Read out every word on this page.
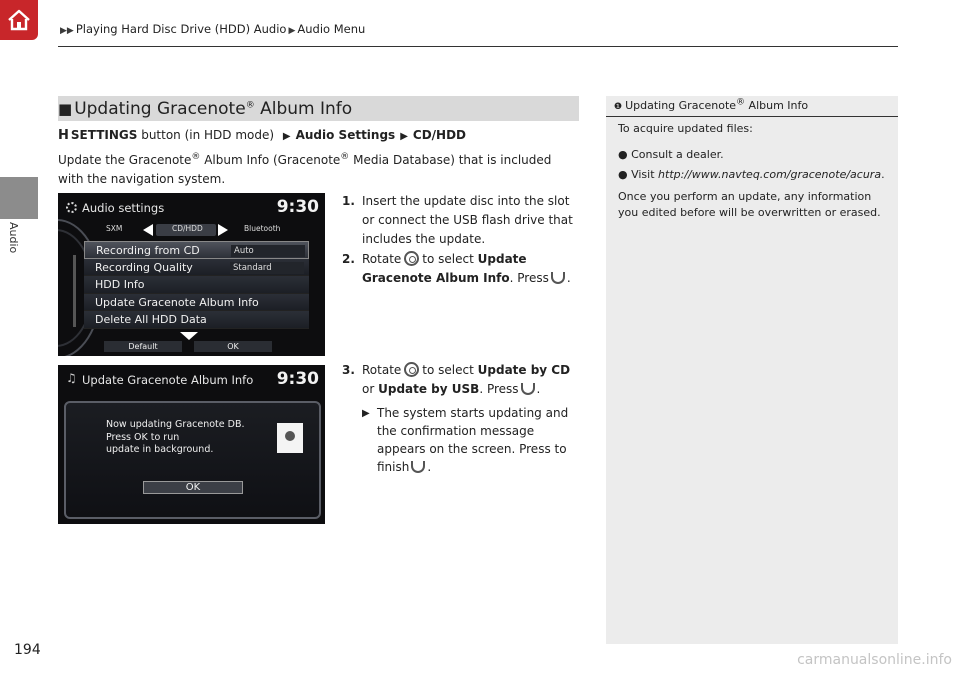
▶▶ Playing Hard Disc Drive (HDD) Audio ▶ Audio Menu
Audio
■ Updating Gracenote® Album Info
H SETTINGS button (in HDD mode) ▶ Audio Settings ▶ CD/HDD
Update the Gracenote® Album Info (Gracenote® Media Database) that is included with the navigation system.
Audio settings	9:30
SXM	CD/HDD	Bluetooth
Recording from CD	Auto
Recording Quality	Standard
HDD Info
Update Gracenote Album Info
Delete All HDD Data
Default	OK
♫ Update Gracenote Album Info 9:30
Now updating Gracenote DB.
Press OK to run
update in background.
OK
1. Insert the update disc into the slot or connect the USB flash drive that includes the update.
2. Rotate to select Update Gracenote Album Info. Press .
3. Rotate to select Update by CD or Update by USB. Press .
▶ The system starts updating and the confirmation message appears on the screen. Press to finish .
❶ Updating Gracenote® Album Info
To acquire updated files:
● Consult a dealer.
● Visit http://www.navteq.com/gracenote/acura.
Once you perform an update, any information
you edited before will be overwritten or erased.
194
carmanualsonline.info
